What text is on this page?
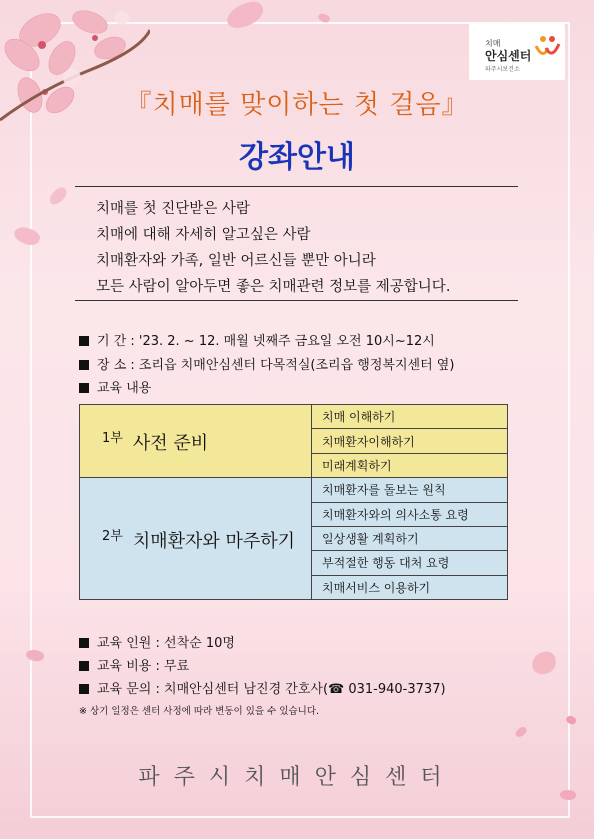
치매
안심센터
파주시보건소
『치매를 맞이하는 첫 걸음』
강좌안내
치매를 첫 진단받은 사람
치매에 대해 자세히 알고싶은 사람
치매환자와 가족, 일반 어르신들 뿐만 아니라
모든 사람이 알아두면 좋은 치매관련 정보를 제공합니다.
기 간 : '23. 2. ~ 12. 매월 넷째주 금요일 오전 10시~12시
장 소 : 조리읍 치매안심센터 다목적실(조리읍 행정복지센터 옆)
교육 내용
1부 사전 준비	치매 이해하기
	치매환자이해하기
	미래계획하기
2부 치매환자와 마주하기	치매환자를 돌보는 원칙
	치매환자와의 의사소통 요령
	일상생활 계획하기
	부적절한 행동 대처 요령
	치매서비스 이용하기
교육 인원 : 선착순 10명
교육 비용 : 무료
교육 문의 : 치매안심센터 남진경 간호사(☎ 031-940-3737)
※ 상기 일정은 센터 사정에 따라 변동이 있을 수 있습니다.
파주시치매안심센터
